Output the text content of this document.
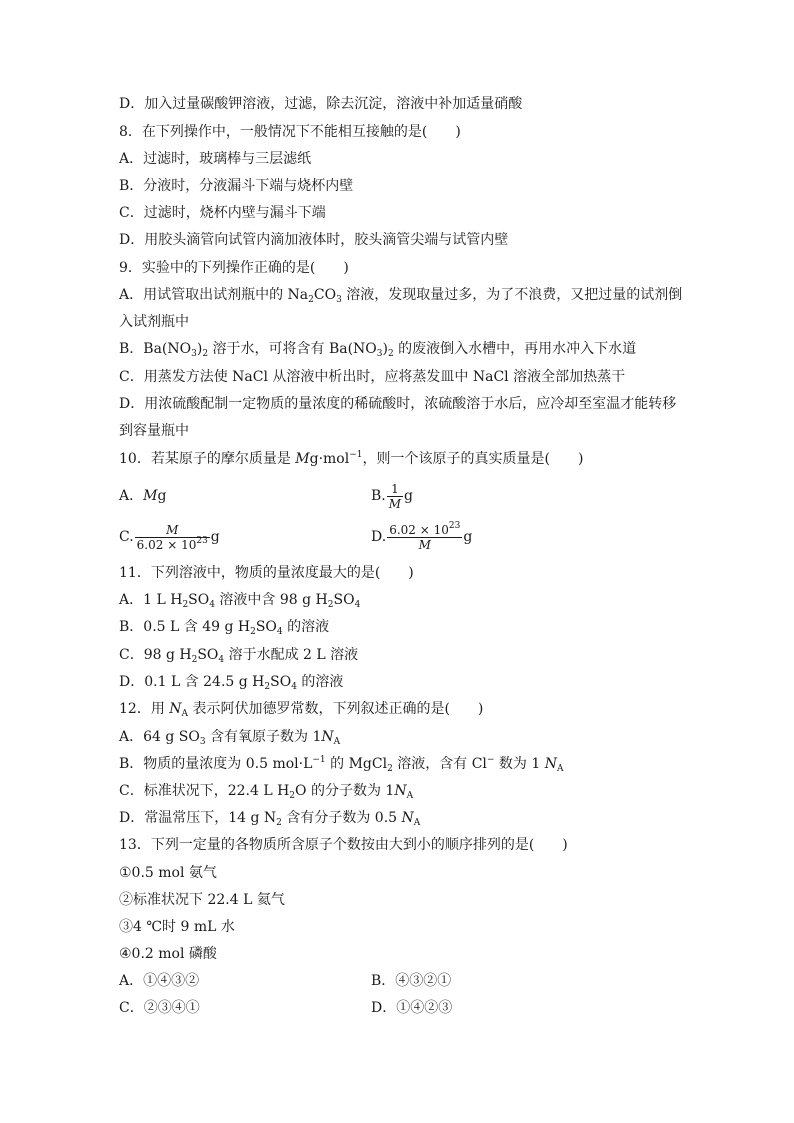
D．加入过量碳酸钾溶液，过滤，除去沉淀，溶液中补加适量硝酸
8．在下列操作中，一般情况下不能相互接触的是(　　)
A．过滤时，玻璃棒与三层滤纸
B．分液时，分液漏斗下端与烧杯内壁
C．过滤时，烧杯内壁与漏斗下端
D．用胶头滴管向试管内滴加液体时，胶头滴管尖端与试管内壁
9．实验中的下列操作正确的是(　　)
A．用试管取出试剂瓶中的 $Na_2CO_3$ 溶液，发现取量过多，为了不浪费，又把过量的试剂倒
入试剂瓶中
B．$Ba(NO_3)_2$ 溶于水，可将含有 $Ba(NO_3)_2$ 的废液倒入水槽中，再用水冲入下水道
C．用蒸发方法使 NaCl 从溶液中析出时，应将蒸发皿中 NaCl 溶液全部加热蒸干
D．用浓硫酸配制一定物质的量浓度的稀硫酸时，浓硫酸溶于水后，应冷却至室温才能转移
到容量瓶中
10．若某原子的摩尔质量是 Mg·mol$^{-1}$，则一个该原子的真实质量是(　　)
A．Mg	B. $\frac{1}{M}$ g
C. $\frac{M}{6.02 \times 10^{23}}$ g	D. $\frac{6.02 \times 10^{23}}{M}$ g
11．下列溶液中，物质的量浓度最大的是(　　)
A．1 L $H_2SO_4$ 溶液中含 98 g $H_2SO_4$
B．0.5 L 含 49 g $H_2SO_4$ 的溶液
C．98 g $H_2SO_4$ 溶于水配成 2 L 溶液
D．0.1 L 含 24.5 g $H_2SO_4$ 的溶液
12．用 $N_A$ 表示阿伏加德罗常数，下列叙述正确的是(　　)
A．64 g $SO_3$ 含有氧原子数为 $1N_A$
B．物质的量浓度为 0.5 $mol\cdot L^{-1}$ 的 MgCl$_2$ 溶液，含有 Cl− 数为 1 $N_A$
C．标准状况下，22.4 L $H_2O$ 的分子数为 $1N_A$
D．常温常压下，14 g $N_2$ 含有分子数为 0.5 $N_A$
13．下列一定量的各物质所含原子个数按由大到小的顺序排列的是(　　)
①0.5 mol 氨气
②标准状况下 22.4 L 氦气
③4 ℃时 9 mL 水
④0.2 mol 磷酸
A．①④③②	B．④③②①
C．②③④①	D．①④②③
